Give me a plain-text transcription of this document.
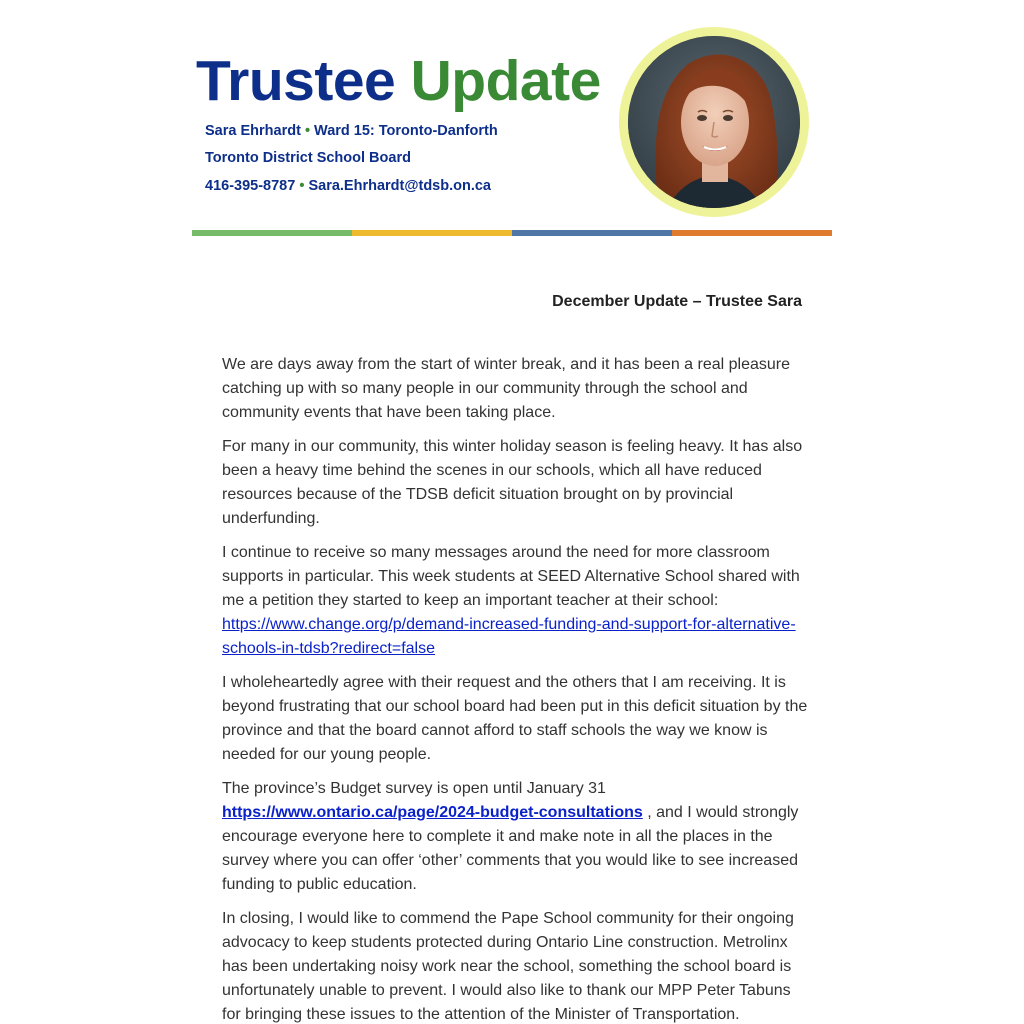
Trustee Update
Sara Ehrhardt • Ward 15: Toronto-Danforth
Toronto District School Board
416-395-8787 • Sara.Ehrhardt@tdsb.on.ca
December Update – Trustee Sara

We are days away from the start of winter break, and it has been a real pleasure catching up with so many people in our community through the school and community events that have been taking place.

For many in our community, this winter holiday season is feeling heavy. It has also been a heavy time behind the scenes in our schools, which all have reduced resources because of the TDSB deficit situation brought on by provincial underfunding.

I continue to receive so many messages around the need for more classroom supports in particular. This week students at SEED Alternative School shared with me a petition they started to keep an important teacher at their school: https://www.change.org/p/demand-increased-funding-and-support-for-alternative-schools-in-tdsb?redirect=false

I wholeheartedly agree with their request and the others that I am receiving. It is beyond frustrating that our school board had been put in this deficit situation by the province and that the board cannot afford to staff schools the way we know is needed for our young people.

The province’s Budget survey is open until January 31 https://www.ontario.ca/page/2024-budget-consultations , and I would strongly encourage everyone here to complete it and make note in all the places in the survey where you can offer ‘other’ comments that you would like to see increased funding to public education.

In closing, I would like to commend the Pape School community for their ongoing advocacy to keep students protected during Ontario Line construction. Metrolinx has been undertaking noisy work near the school, something the school board is unfortunately unable to prevent. I would also like to thank our MPP Peter Tabuns for bringing these issues to the attention of the Minister of Transportation.
